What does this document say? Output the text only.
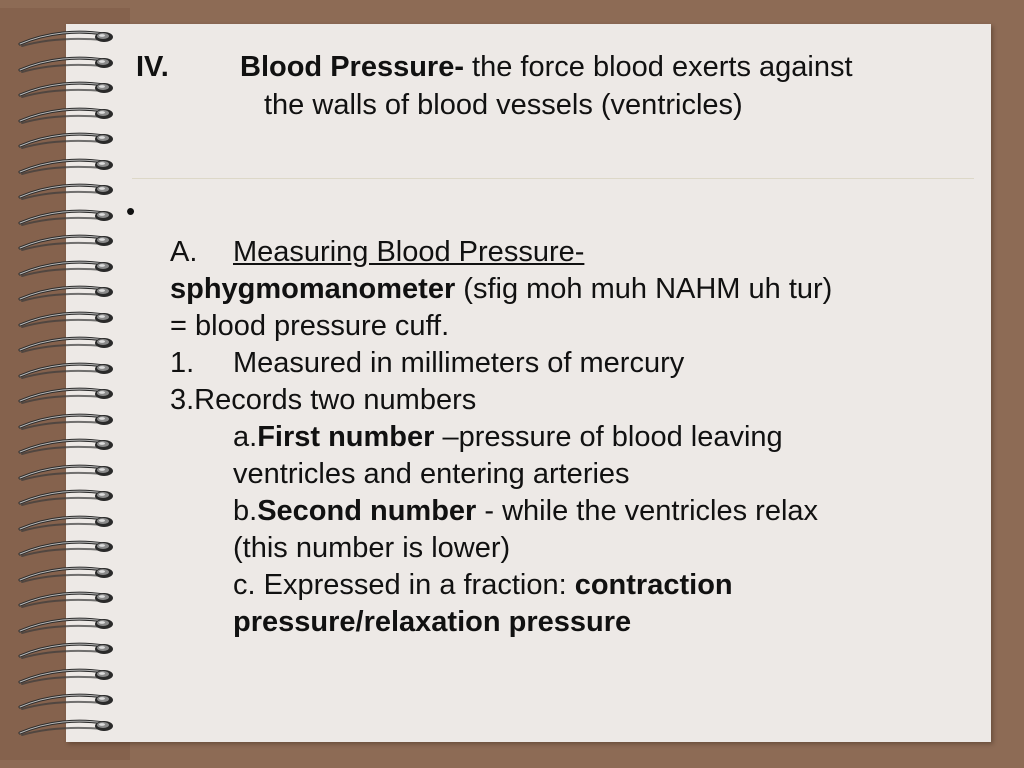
IV. Blood Pressure- the force blood exerts against
the walls of blood vessels (ventricles)
•
A. Measuring Blood Pressure-
sphygmomanometer (sfig moh muh NAHM uh tur)
= blood pressure cuff.
1. Measured in millimeters of mercury
3.Records two numbers
a.First number –pressure of blood leaving
ventricles and entering arteries
b.Second number - while the ventricles relax
(this number is lower)
c. Expressed in a fraction: contraction
pressure/relaxation pressure
